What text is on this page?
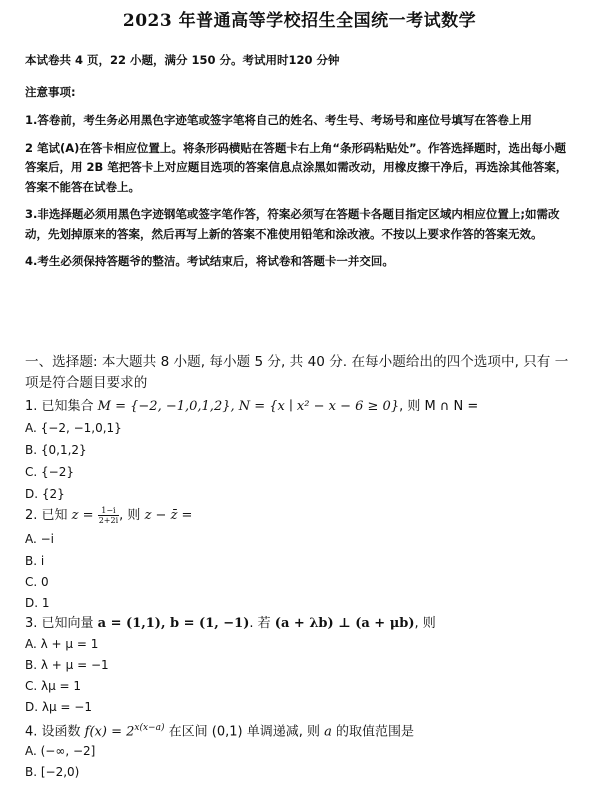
2023 年普通高等学校招生全国统一考试数学
本试卷共 4 页，22 小题，满分 150 分。考试用时120 分钟
注意事项:

1.答卷前，考生务必用黑色字迹笔或签字笔将自己的姓名、考生号、考场号和座位号填写在答卷上用

2 笔试(A)在答卡相应位置上。将条形码横贴在答题卡右上角“条形码粘贴处”。作答选择题时，选出每小题答案后，用 2B 笔把答卡上对应题目选项的答案信息点涂黑如需改动，用橡皮擦干净后，再选涂其他答案，答案不能答在试卷上。

3.非选择题必须用黑色字迹钢笔或签字笔作答，符案必须写在答题卡各题目指定区域内相应位置上;如需改动，先划掉原来的答案，然后再写上新的答案不准使用铅笔和涂改液。不按以上要求作答的答案无效。

4.考生必须保持答题爷的整洁。考试结束后，将试卷和答题卡一并交回。

一、选择题: 本大题共 8 小题, 每小题 5 分, 共 40 分. 在每小题给出的四个选项中, 只有 一项是符合题目要求的
1. 已知集合 M = {−2, −1,0,1,2}, N = {x ∣ x² − x − 6 ≥ 0}, 则 M ∩ N =
A. {−2, −1,0,1}
B. {0,1,2}
C. {−2}
D. {2}
2. 已知 $z = \frac{1-i}{2+2i}$ , 则 z − z̄ =
A. −i
B. i
C. 0
D. 1
3. 已知向量 a = (1,1), b = (1, −1). 若 (a + λb) ⊥ (a + μb), 则
A. λ + μ = 1
B. λ + μ = −1
C. λμ = 1
D. λμ = −1
4. 设函数 $f(x) = 2^{x(x-a)}$ 在区间 (0,1) 单调递减, 则 a 的取值范围是
A. (−∞, −2]
B. [−2,0)
